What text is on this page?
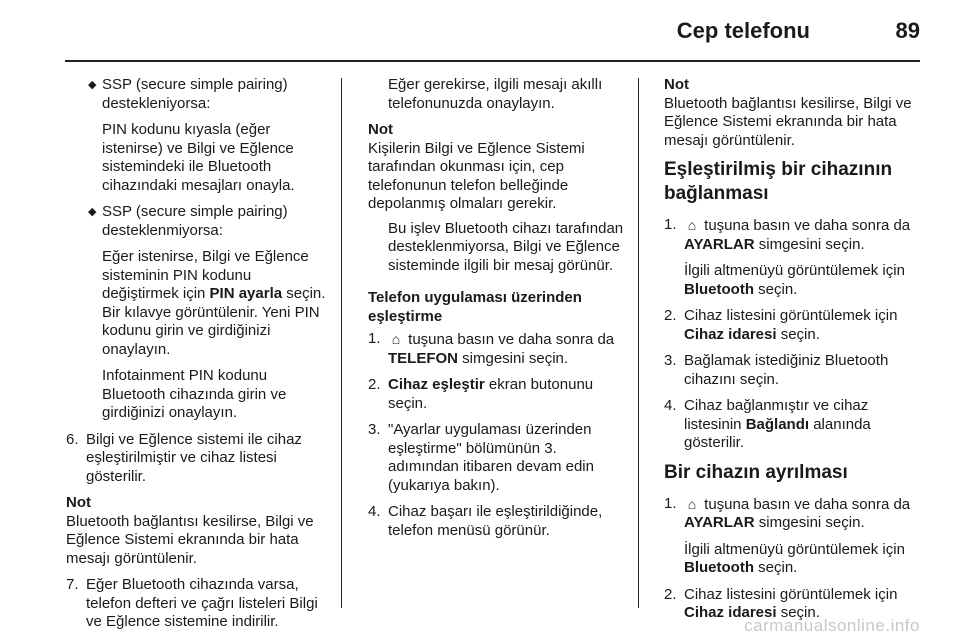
Cep telefonu	89

◆ SSP (secure simple pairing) destekleniyorsa:

PIN kodunu kıyasla (eğer istenirse) ve Bilgi ve Eğlence sistemindeki ile Bluetooth cihazındaki mesajları onayla.

◆ SSP (secure simple pairing) desteklenmiyorsa:

Eğer istenirse, Bilgi ve Eğlence sisteminin PIN kodunu değiştirmek için PIN ayarla seçin. Bir kılavye görüntülenir. Yeni PIN kodunu girin ve girdiğinizi onaylayın.

Infotainment PIN kodunu Bluetooth cihazında girin ve girdiğinizi onaylayın.

6. Bilgi ve Eğlence sistemi ile cihaz eşleştirilmiştir ve cihaz listesi gösterilir.

Not

Bluetooth bağlantısı kesilirse, Bilgi ve Eğlence Sistemi ekranında bir hata mesajı görüntülenir.

7. Eğer Bluetooth cihazında varsa, telefon defteri ve çağrı listeleri Bilgi ve Eğlence sistemine indirilir.

Eğer gerekirse, ilgili mesajı akıllı telefonunuzda onaylayın.

Not

Kişilerin Bilgi ve Eğlence Sistemi tarafından okunması için, cep telefonunun telefon belleğinde depolanmış olmaları gerekir.

Bu işlev Bluetooth cihazı tarafından desteklenmiyorsa, Bilgi ve Eğlence sisteminde ilgili bir mesaj görünür.

Telefon uygulaması üzerinden eşleştirme

1. ⌂ tuşuna basın ve daha sonra da TELEFON simgesini seçin.

2. Cihaz eşleştir ekran butonunu seçin.

3. "Ayarlar uygulaması üzerinden eşleştirme" bölümünün 3. adımından itibaren devam edin (yukarıya bakın).

4. Cihaz başarı ile eşleştirildiğinde, telefon menüsü görünür.

Not

Bluetooth bağlantısı kesilirse, Bilgi ve Eğlence Sistemi ekranında bir hata mesajı görüntülenir.

Eşleştirilmiş bir cihazının bağlanması

1. ⌂ tuşuna basın ve daha sonra da AYARLAR simgesini seçin.

İlgili altmenüyü görüntülemek için Bluetooth seçin.

2. Cihaz listesini görüntülemek için Cihaz idaresi seçin.

3. Bağlamak istediğiniz Bluetooth cihazını seçin.

4. Cihaz bağlanmıştır ve cihaz listesinin Bağlandı alanında gösterilir.

Bir cihazın ayrılması

1. ⌂ tuşuna basın ve daha sonra da AYARLAR simgesini seçin.

İlgili altmenüyü görüntülemek için Bluetooth seçin.

2. Cihaz listesini görüntülemek için Cihaz idaresi seçin.

carmanualsonline.info
